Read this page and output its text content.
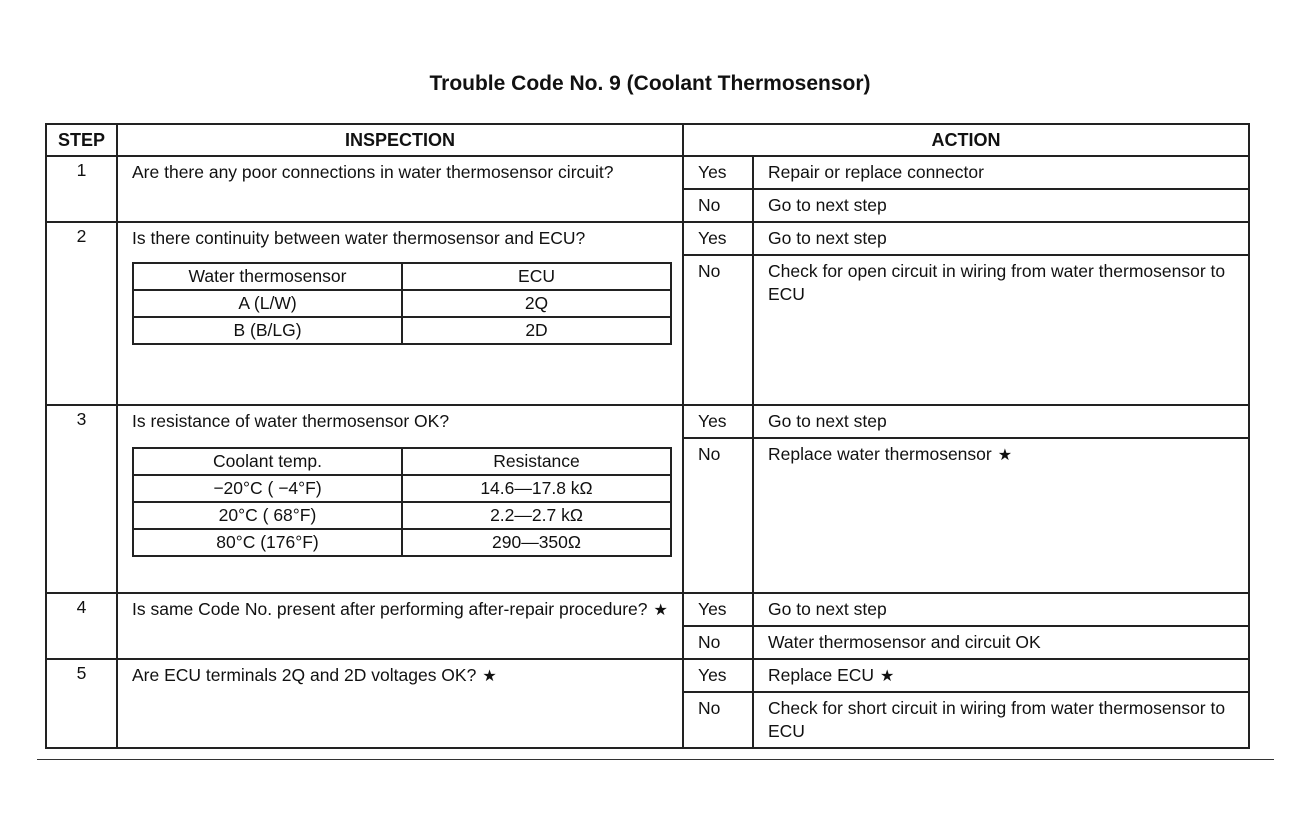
Trouble Code No. 9 (Coolant Thermosensor)
STEP	INSPECTION	ACTION
1	Are there any poor connections in water thermosensor circuit?	Yes	Repair or replace connector
No	Go to next step
2	Is there continuity between water thermosensor and ECU?
Water thermosensor	ECU
A (L/W)	2Q
B (B/LG)	2D
	Yes	Go to next step
No	Check for open circuit in wiring from water thermosensor to ECU
3	Is resistance of water thermosensor OK?
Coolant temp.	Resistance
−20°C ( −4°F)	14.6—17.8 kΩ
20°C ( 68°F)	2.2—2.7 kΩ
80°C (176°F)	290—350Ω
	Yes	Go to next step
No	Replace water thermosensor ★
4	Is same Code No. present after performing after-repair procedure? ★	Yes	Go to next step
No	Water thermosensor and circuit OK
5	Are ECU terminals 2Q and 2D voltages OK? ★	Yes	Replace ECU ★
No	Check for short circuit in wiring from water thermosensor to ECU
